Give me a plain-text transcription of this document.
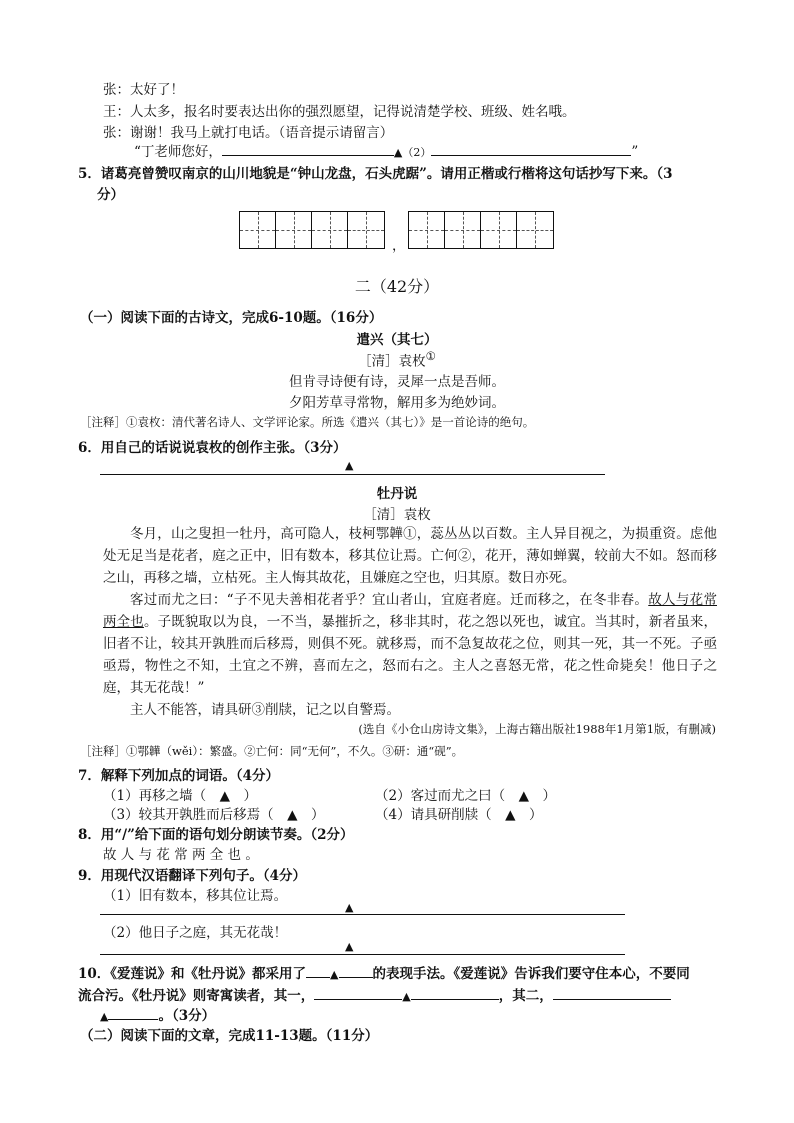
张：太好了！
王：人太多，报名时要表达出你的强烈愿望，记得说清楚学校、班级、姓名哦。
张：谢谢！我马上就打电话。（语音提示请留言）
“丁老师您好，	▲（2）	”
5．诸葛亮曾赞叹南京的山川地貌是“钟山龙盘，石头虎踞”。请用正楷或行楷将这句话抄写下来。（3
分）
，
二（42分）
（一）阅读下面的古诗文，完成6-10题。（16分）
遣兴（其七）
［清］袁枚①
但肯寻诗便有诗，灵犀一点是吾师。
夕阳芳草寻常物，解用多为绝妙词。
［注释］①袁枚：清代著名诗人、文学评论家。所选《遣兴（其七）》是一首论诗的绝句。
6．用自己的话说说袁枚的创作主张。（3分）
▲
牡丹说
［清］袁枚
冬月，山之叟担一牡丹，高可隐人，枝柯鄂韡①，蕊丛丛以百数。主人异目视之，为损重资。虑他处无足当是花者，庭之正中，旧有数本，移其位让焉。亡何②，花开，薄如蝉翼，较前大不如。怒而移之山，再移之墙，立枯死。主人悔其故花，且嫌庭之空也，归其原。数日亦死。
客过而尤之曰：“子不见夫善相花者乎？宜山者山，宜庭者庭。迁而移之，在冬非春。故人与花常两全也。子既貌取以为良，一不当，暴摧折之，移非其时，花之怨以死也，诚宜。当其时，新者虽来，旧者不让，较其开孰胜而后移焉，则俱不死。就移焉，而不急复故花之位，则其一死，其一不死。子亟亟焉，物性之不知，土宜之不辨，喜而左之，怒而右之。主人之喜怒无常，花之性命毙矣！他日子之庭，其无花哉！”
主人不能答，请具研③削牍，记之以自警焉。
(选自《小仓山房诗文集》，上海古籍出版社1988年1月第1版，有删减)
［注释］①鄂韡（wěi）：繁盛。②亡何：同“无何”，不久。③研：通“砚”。
7．解释下列加点的词语。（4分）
（1）再移之墙（　▲　）	（2）客过而尤之曰（　▲　）
（3）较其开孰胜而后移焉（　▲　）	（4）请具研削牍（　▲　）
8．用“/”给下面的语句划分朗读节奏。（2分）
故 人 与 花 常 两 全 也 。
9．用现代汉语翻译下列句子。（4分）
（1）旧有数本，移其位让焉。
▲
（2）他日子之庭，其无花哉！
▲
10．《爱莲说》和《牡丹说》都采用了 ▲	的表现手法。《爱莲说》告诉我们要守住本心，不要同
流合污。《牡丹说》则寄寓读者，其一，	▲	，其二，
▲	。（3分）
（二）阅读下面的文章，完成11-13题。（11分）
